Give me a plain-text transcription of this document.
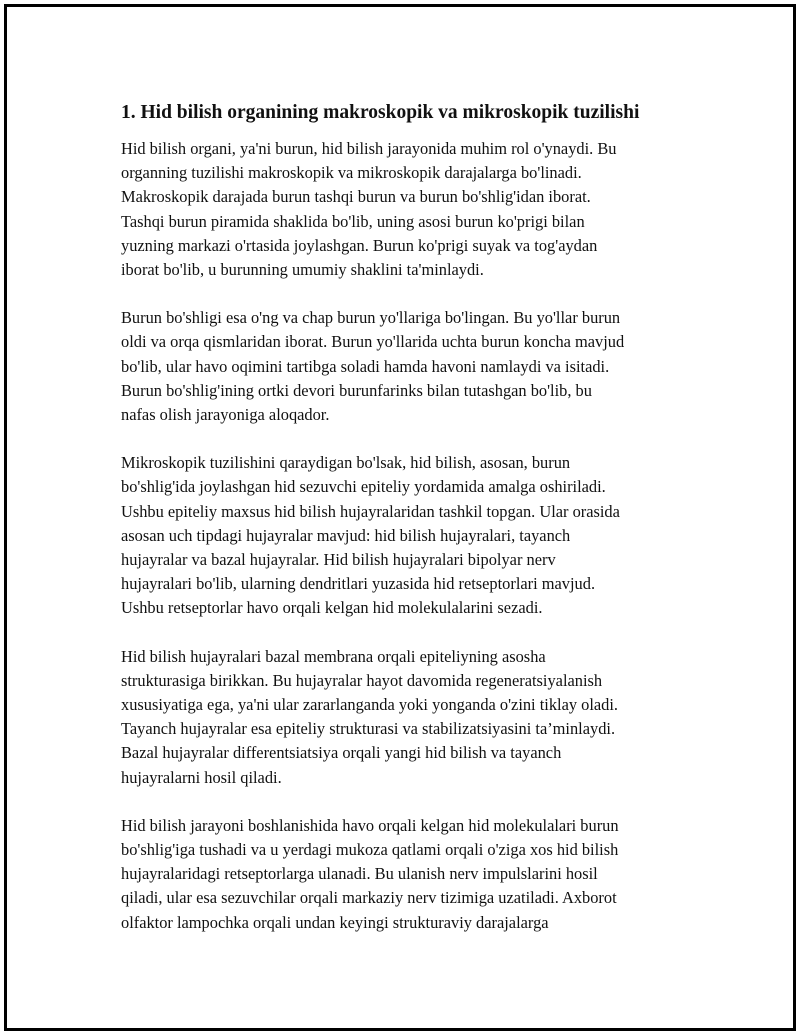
1. Hid bilish organining makroskopik va mikroskopik tuzilishi

Hid bilish organi, ya'ni burun, hid bilish jarayonida muhim rol o'ynaydi. Bu
organning tuzilishi makroskopik va mikroskopik darajalarga bo'linadi.
Makroskopik darajada burun tashqi burun va burun bo'shlig'idan iborat.
Tashqi burun piramida shaklida bo'lib, uning asosi burun ko'prigi bilan
yuzning markazi o'rtasida joylashgan. Burun ko'prigi suyak va tog'aydan
iborat bo'lib, u burunning umumiy shaklini ta'minlaydi.

Burun bo'shligi esa o'ng va chap burun yo'llariga bo'lingan. Bu yo'llar burun
oldi va orqa qismlaridan iborat. Burun yo'llarida uchta burun koncha mavjud
bo'lib, ular havo oqimini tartibga soladi hamda havoni namlaydi va isitadi.
Burun bo'shlig'ining ortki devori burunfarinks bilan tutashgan bo'lib, bu
nafas olish jarayoniga aloqador.

Mikroskopik tuzilishini qaraydigan bo'lsak, hid bilish, asosan, burun
bo'shlig'ida joylashgan hid sezuvchi epiteliy yordamida amalga oshiriladi.
Ushbu epiteliy maxsus hid bilish hujayralaridan tashkil topgan. Ular orasida
asosan uch tipdagi hujayralar mavjud: hid bilish hujayralari, tayanch
hujayralar va bazal hujayralar. Hid bilish hujayralari bipolyar nerv
hujayralari bo'lib, ularning dendritlari yuzasida hid retseptorlari mavjud.
Ushbu retseptorlar havo orqali kelgan hid molekulalarini sezadi.

Hid bilish hujayralari bazal membrana orqali epiteliyning asosha
strukturasiga birikkan. Bu hujayralar hayot davomida regeneratsiyalanish
xususiyatiga ega, ya'ni ular zararlanganda yoki yonganda o'zini tiklay oladi.
Tayanch hujayralar esa epiteliy strukturasi va stabilizatsiyasini ta’minlaydi.
Bazal hujayralar differentsiatsiya orqali yangi hid bilish va tayanch
hujayralarni hosil qiladi.

Hid bilish jarayoni boshlanishida havo orqali kelgan hid molekulalari burun
bo'shlig'iga tushadi va u yerdagi mukoza qatlami orqali o'ziga xos hid bilish
hujayralaridagi retseptorlarga ulanadi. Bu ulanish nerv impulslarini hosil
qiladi, ular esa sezuvchilar orqali markaziy nerv tizimiga uzatiladi. Axborot
olfaktor lampochka orqali undan keyingi strukturaviy darajalarga
